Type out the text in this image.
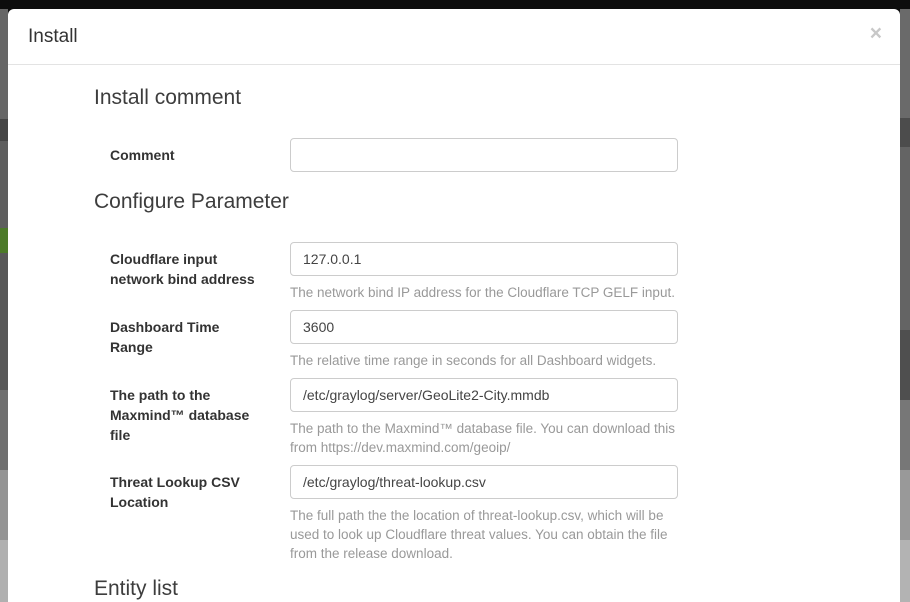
Install	×
Install comment
Comment
Configure Parameter
Cloudflare input network bind address
127.0.0.1
The network bind IP address for the Cloudflare TCP GELF input.
Dashboard Time Range
3600
The relative time range in seconds for all Dashboard widgets.
The path to the Maxmind™ database file
/etc/graylog/server/GeoLite2-City.mmdb	The path to the Maxmind™ database file. You can download this from https://dev.maxmind.com/geoip/
Threat Lookup CSV Location
/etc/graylog/threat-lookup.csv
The full path the the location of threat-lookup.csv, which will be used to look up Cloudflare threat values. You can obtain the file from the release download.
Entity list
